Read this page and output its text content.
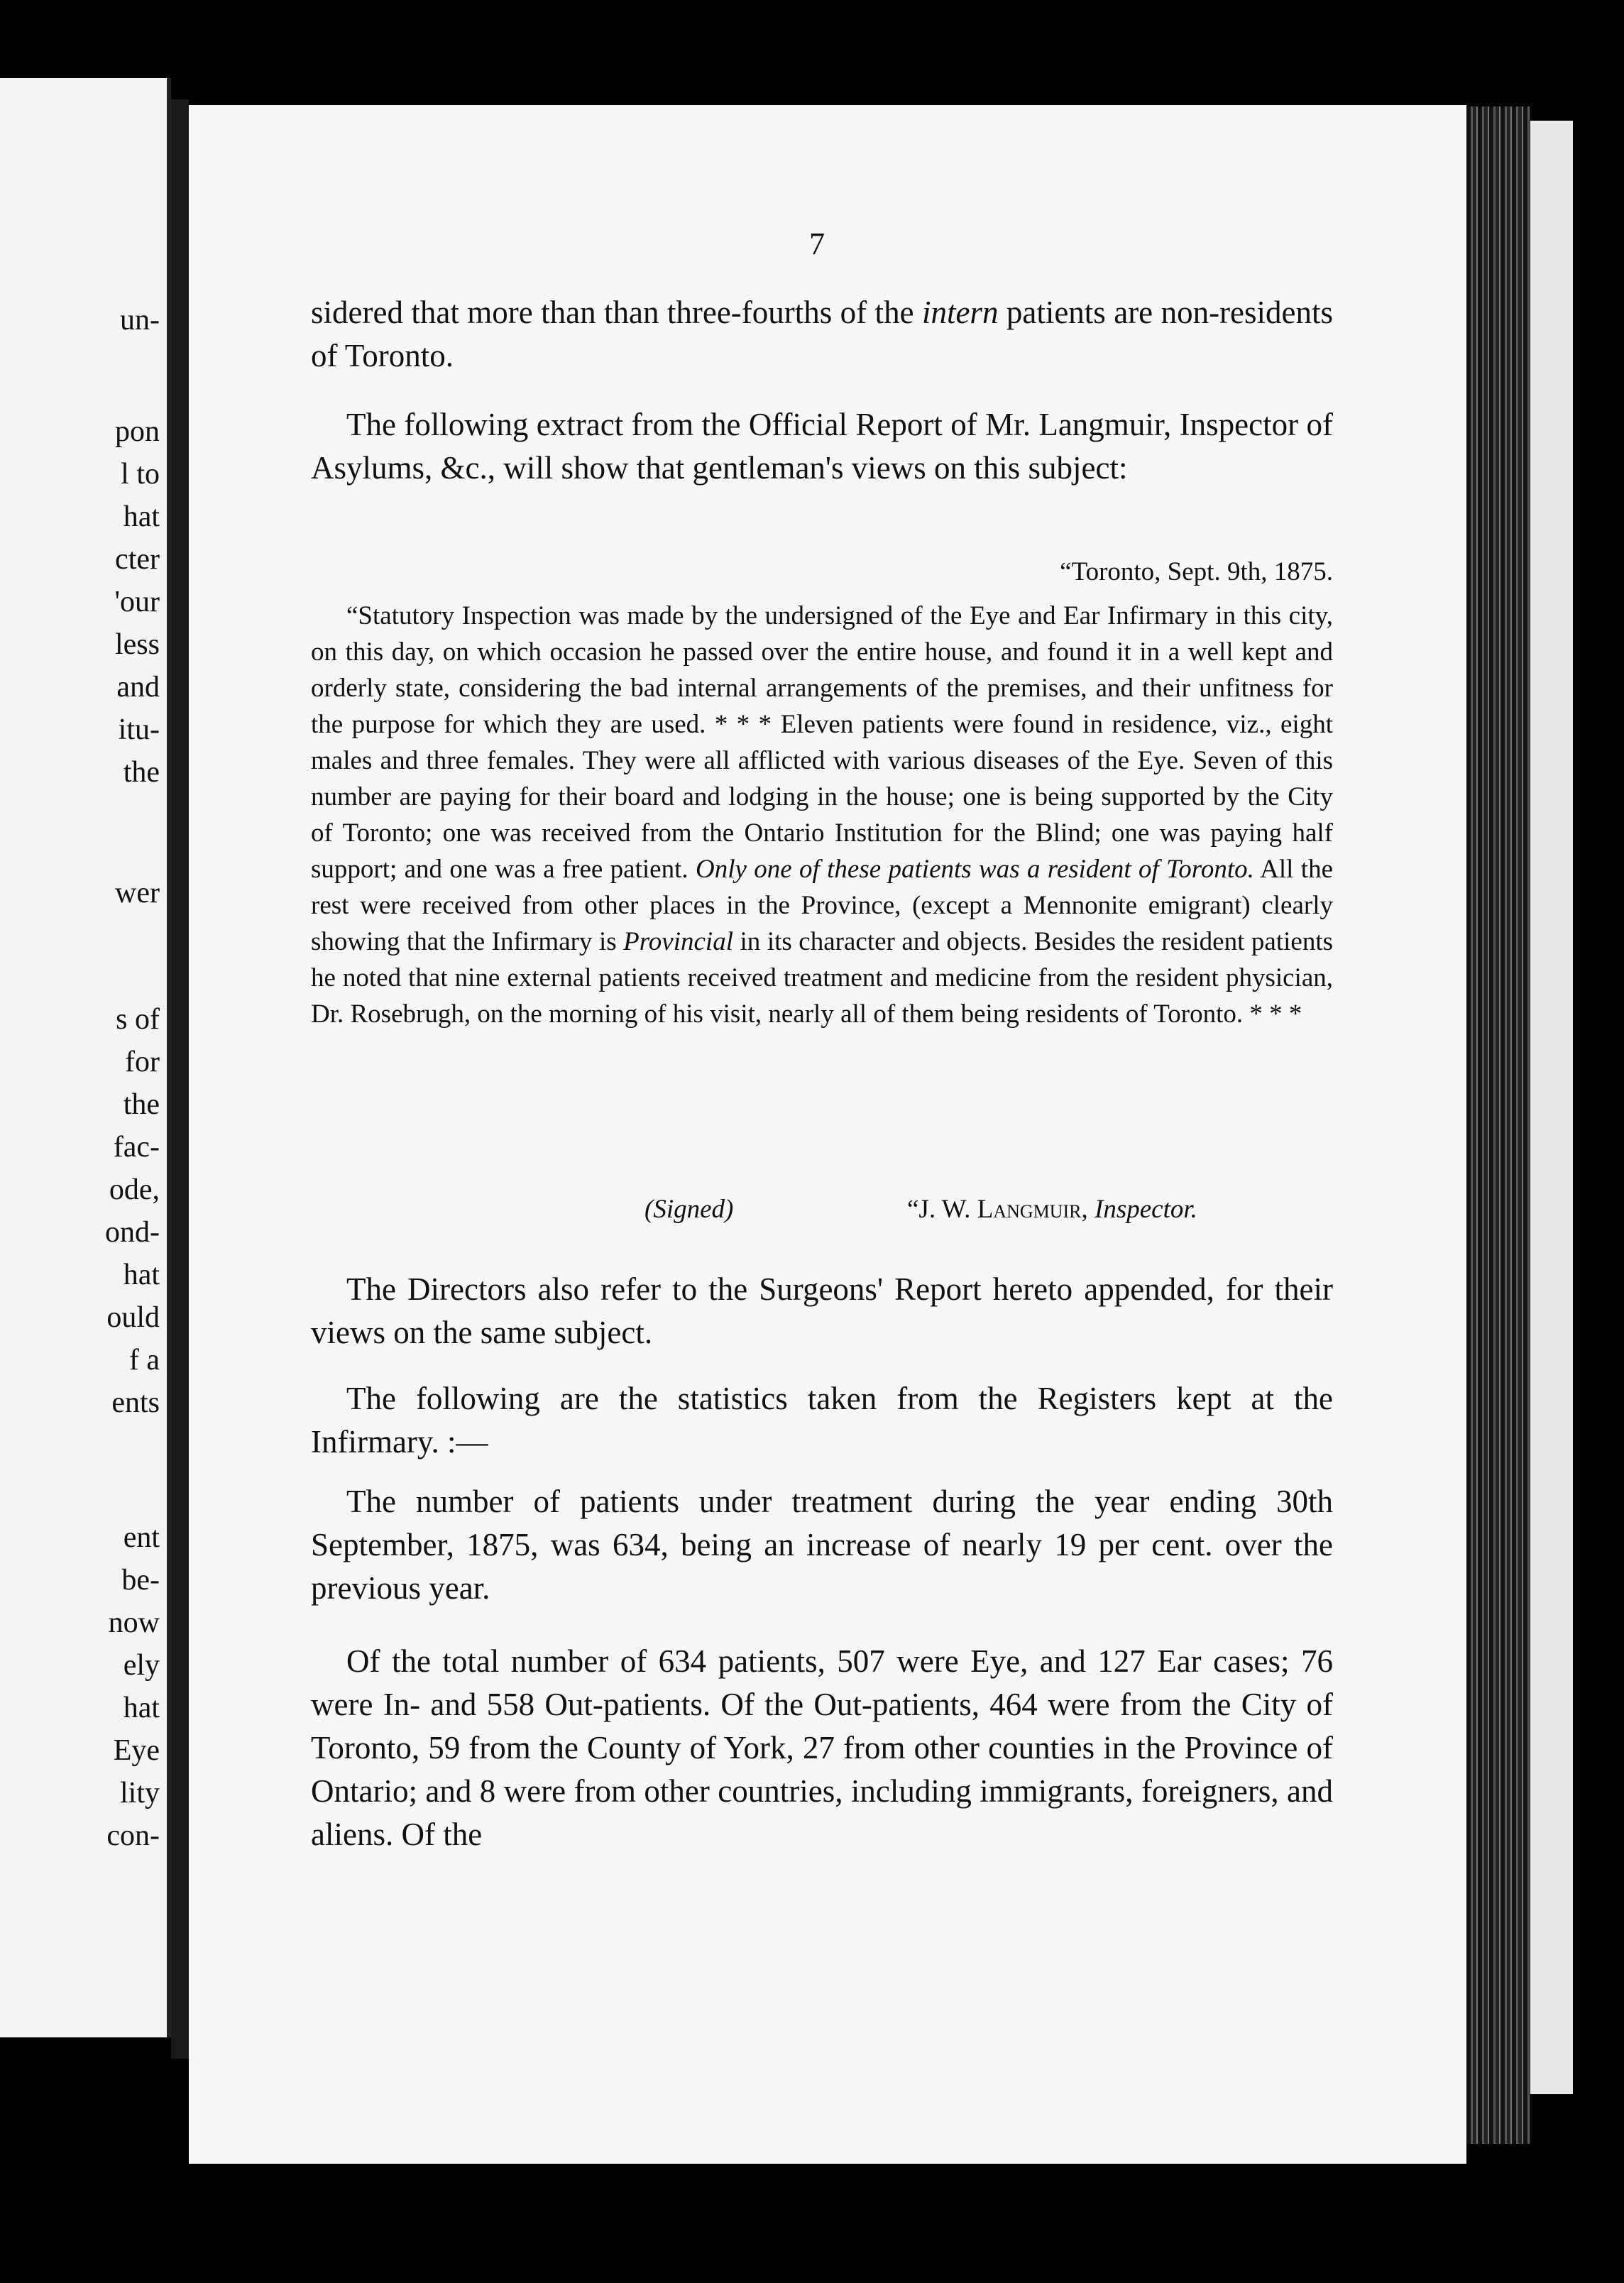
un-
pon
l to
hat
cter
'our
less
and
itu-
the
wer
s of
for
the
fac-
ode,
ond-
hat
ould
f a
ents
ent
be-
now
ely
hat
Eye
lity
con-
7
sidered that more than than three-fourths of the intern patients are non-residents of Toronto.
The following extract from the Official Report of Mr. Langmuir, Inspector of Asylums, &c., will show that gentleman's views on this subject:
“Toronto, Sept. 9th, 1875.
“Statutory Inspection was made by the undersigned of the Eye and Ear Infirmary in this city, on this day, on which occasion he passed over the entire house, and found it in a well kept and orderly state, considering the bad internal arrangements of the premises, and their unfitness for the purpose for which they are used. * * * Eleven patients were found in residence, viz., eight males and three females. They were all afflicted with various diseases of the Eye. Seven of this number are paying for their board and lodging in the house; one is being supported by the City of Toronto; one was received from the Ontario Institution for the Blind; one was paying half support; and one was a free patient. Only one of these patients was a resident of Toronto. All the rest were received from other places in the Province, (except a Mennonite emigrant) clearly showing that the Infirmary is Provincial in its character and objects. Besides the resident patients he noted that nine external patients received treatment and medicine from the resident physician, Dr. Rosebrugh, on the morning of his visit, nearly all of them being residents of Toronto. * * *
(Signed)	“J. W. Langmuir, Inspector.
The Directors also refer to the Surgeons' Report hereto appended, for their views on the same subject.
The following are the statistics taken from the Registers kept at the Infirmary. :—
The number of patients under treatment during the year ending 30th September, 1875, was 634, being an increase of nearly 19 per cent. over the previous year.
Of the total number of 634 patients, 507 were Eye, and 127 Ear cases; 76 were In- and 558 Out-patients. Of the Out-patients, 464 were from the City of Toronto, 59 from the County of York, 27 from other counties in the Province of Ontario; and 8 were from other countries, including immigrants, foreigners, and aliens. Of the
